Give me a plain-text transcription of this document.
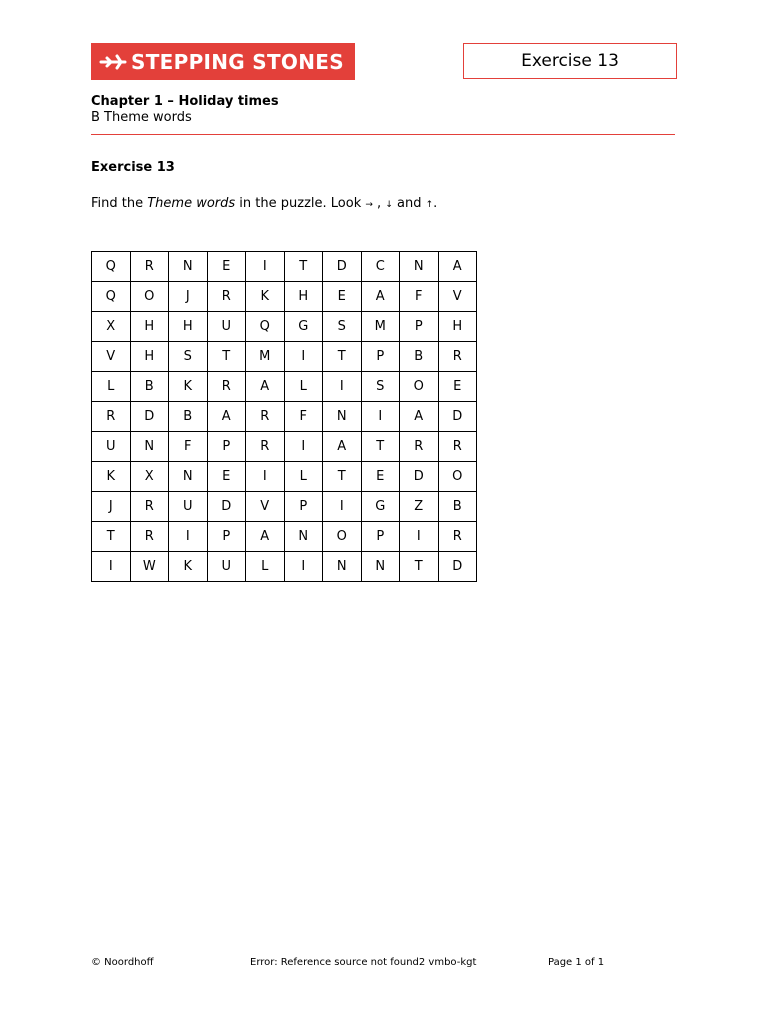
STEPPING STONES	Exercise 13
Chapter 1 – Holiday times
B Theme words
Exercise 13
Find the Theme words in the puzzle. Look → , ↓ and ↑.
Q	R	N	E	I	T	D	C	N	A
Q	O	J	R	K	H	E	A	F	V
X	H	H	U	Q	G	S	M	P	H
V	H	S	T	M	I	T	P	B	R
L	B	K	R	A	L	I	S	O	E
R	D	B	A	R	F	N	I	A	D
U	N	F	P	R	I	A	T	R	R
K	X	N	E	I	L	T	E	D	O
J	R	U	D	V	P	I	G	Z	B
T	R	I	P	A	N	O	P	I	R
I	W	K	U	L	I	N	N	T	D
© Noordhoff	Error: Reference source not found2 vmbo-kgt	Page 1 of 1
